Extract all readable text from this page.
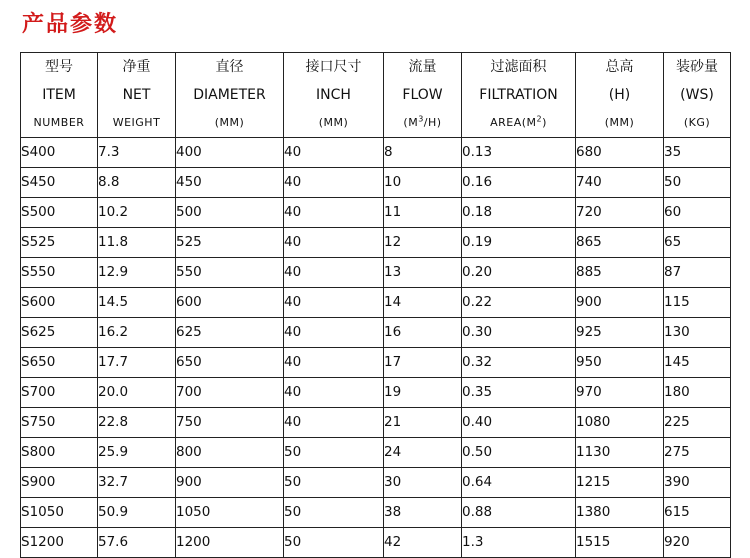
产品参数
型号
ITEM
NUMBER	净重
NET
WEIGHT	直径
DIAMETER
(MM)	接口尺寸
INCH
(MM)	流量
FLOW
$(M^3/H)$	过滤面积
FILTRATION
$AREA(M^2)$	总高
(H)
(MM)	装砂量
(WS)
(KG)

S400	7.3	400	40	8	0.13	680	35
S450	8.8	450	40	10	0.16	740	50
S500	10.2	500	40	11	0.18	720	60
S525	11.8	525	40	12	0.19	865	65
S550	12.9	550	40	13	0.20	885	87
S600	14.5	600	40	14	0.22	900	115
S625	16.2	625	40	16	0.30	925	130
S650	17.7	650	40	17	0.32	950	145
S700	20.0	700	40	19	0.35	970	180
S750	22.8	750	40	21	0.40	1080	225
S800	25.9	800	50	24	0.50	1130	275
S900	32.7	900	50	30	0.64	1215	390
S1050	50.9	1050	50	38	0.88	1380	615
S1200	57.6	1200	50	42	1.3	1515	920
